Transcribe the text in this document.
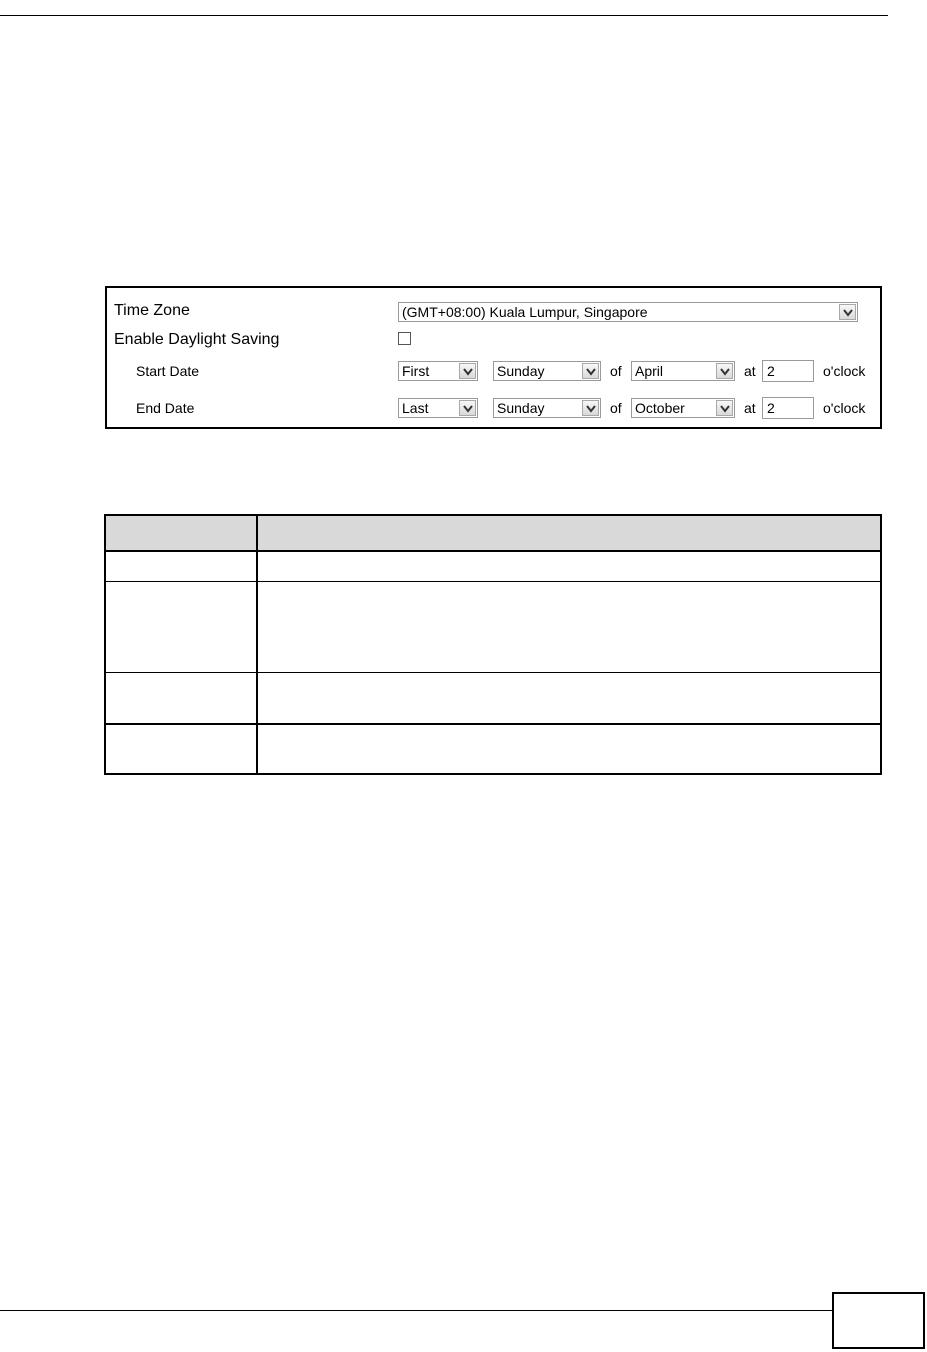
Time Zone	(GMT+08:00) Kuala Lumpur, Singapore
Enable Daylight Saving
Start Date	First	Sunday	of April	at 2	o'clock
End Date	Last	Sunday	of October	at 2	o'clock
